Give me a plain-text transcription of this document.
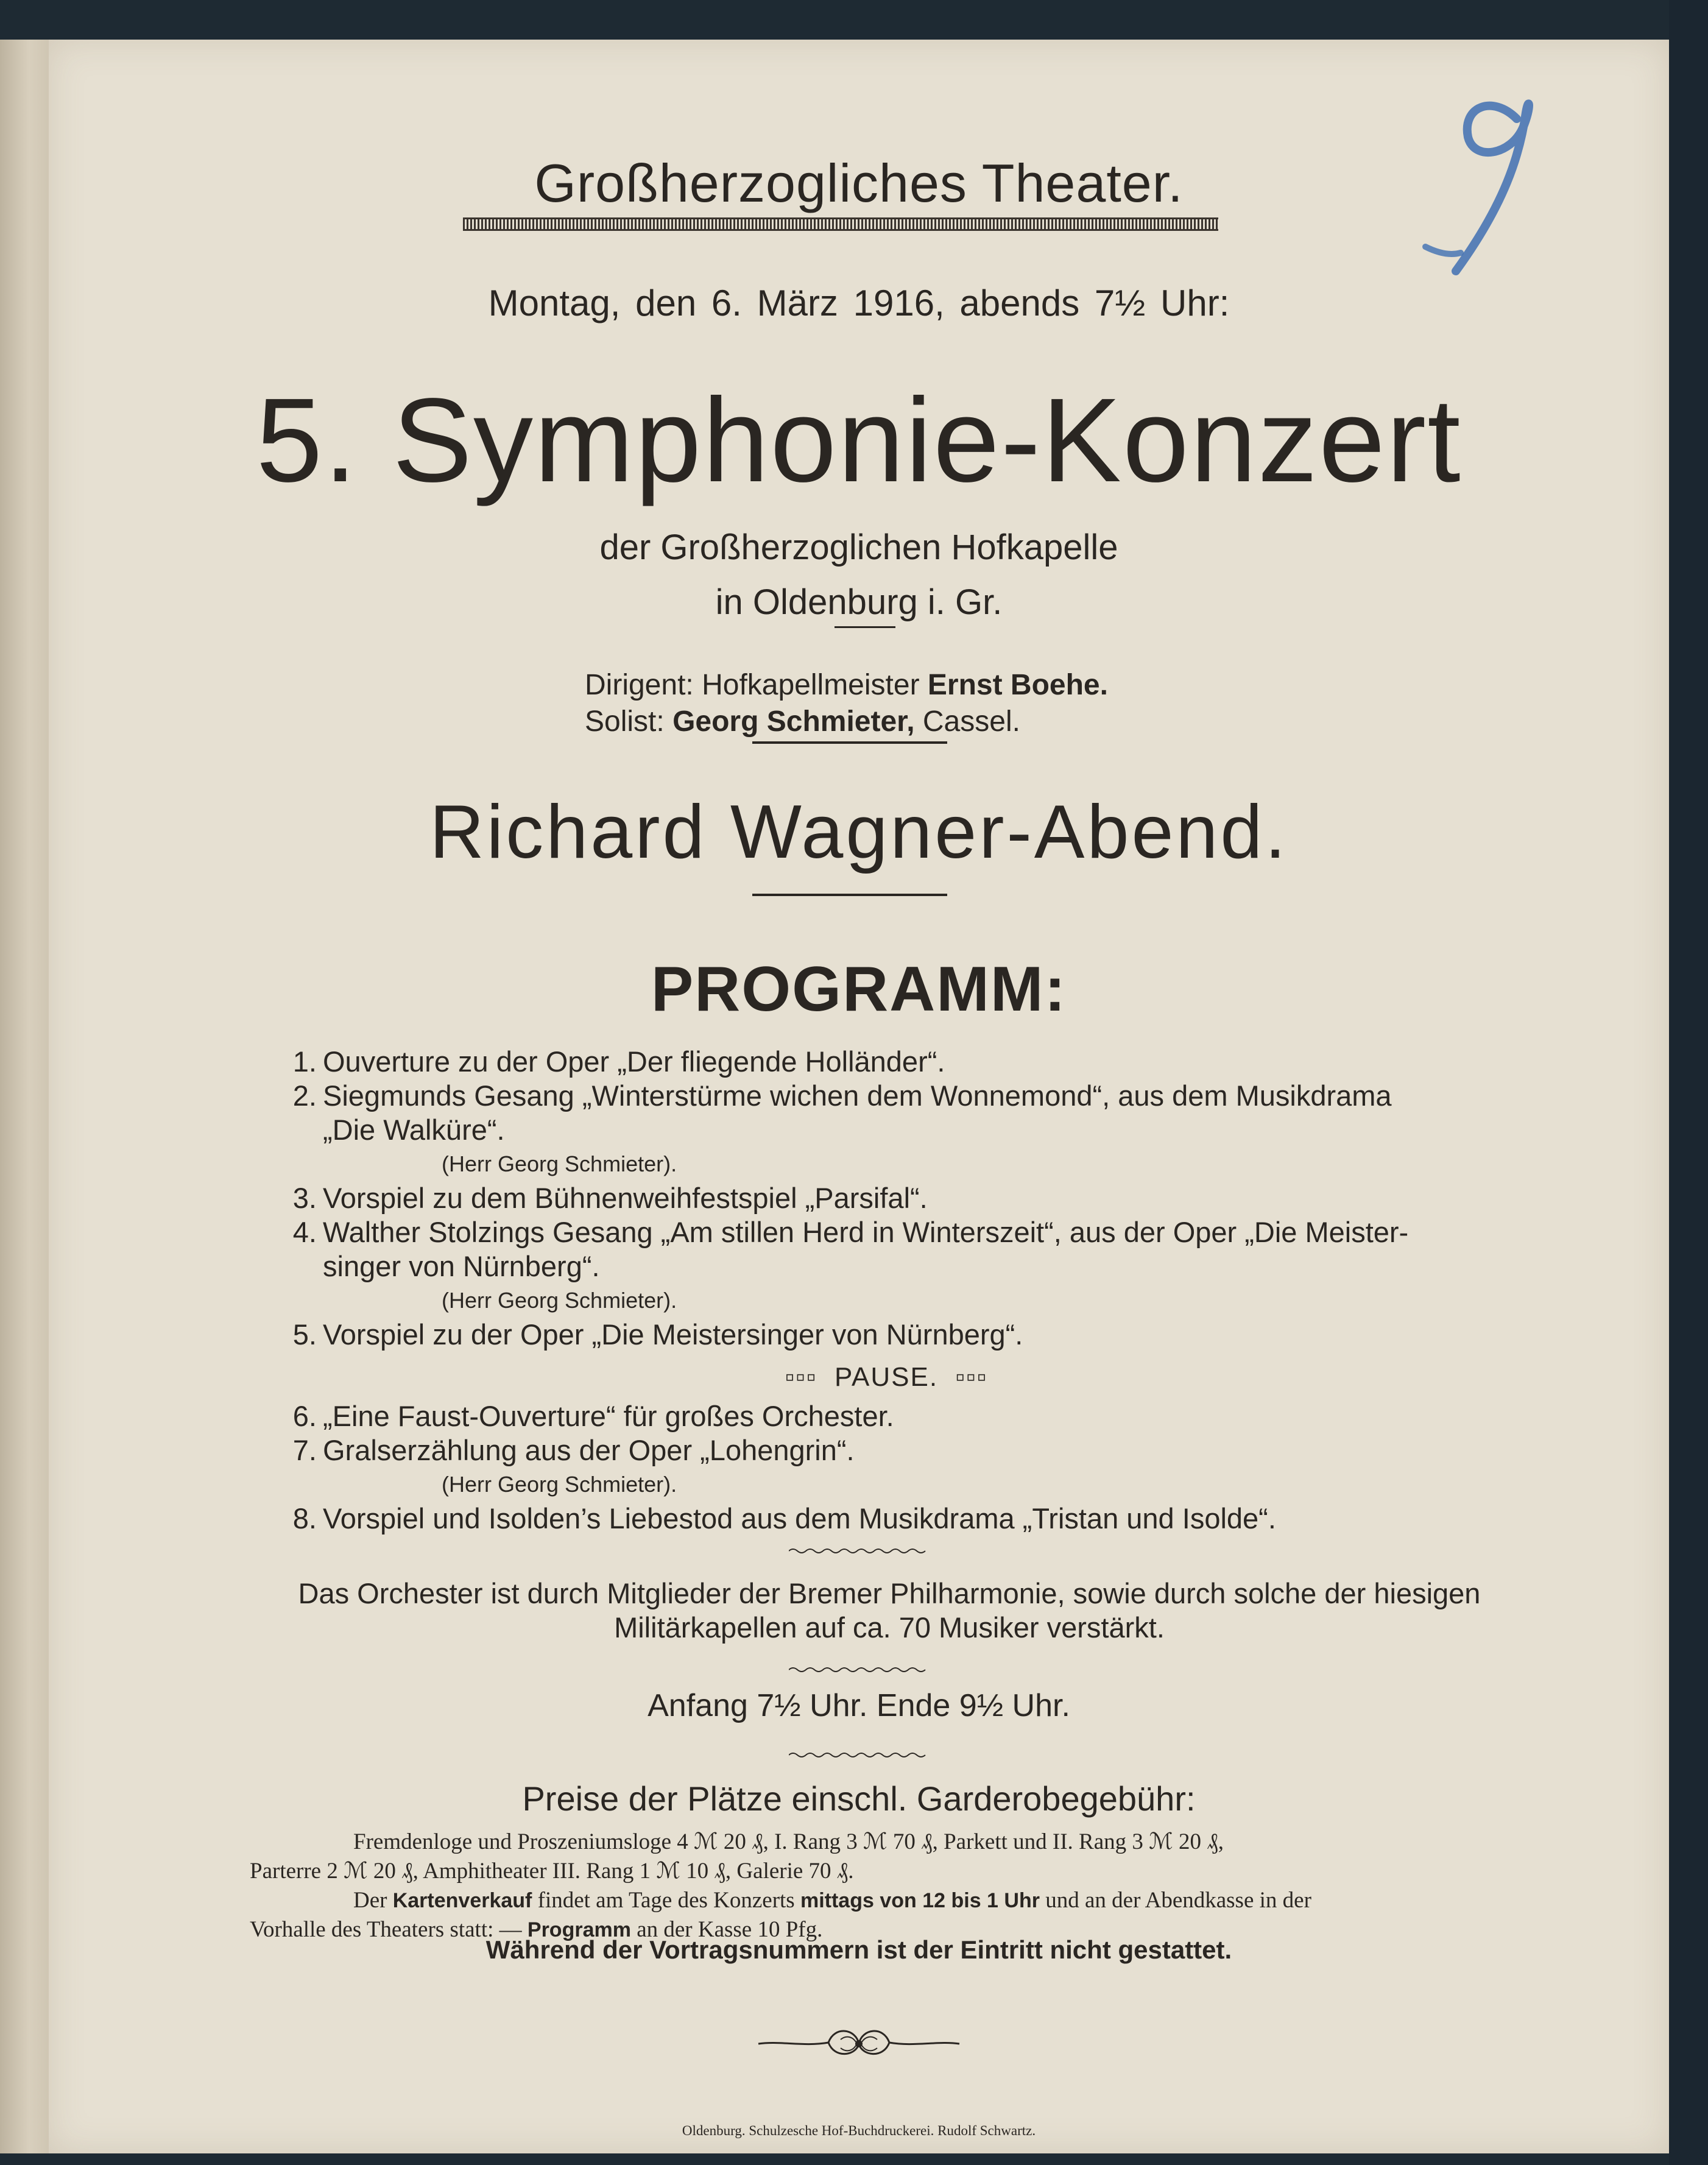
Großherzogliches Theater.
Montag, den 6. März 1916, abends 7½ Uhr:
5. Symphonie-Konzert
der Großherzoglichen Hofkapelle
in Oldenburg i. Gr.
Dirigent: Hofkapellmeister Ernst Boehe.
Solist: Georg Schmieter, Cassel.
Richard Wagner-Abend.
PROGRAMM:
1. Ouverture zu der Oper „Der fliegende Holländer“.
2. Siegmunds Gesang „Winterstürme wichen dem Wonnemond“, aus dem Musikdrama
„Die Walküre“.
(Herr Georg Schmieter).
3. Vorspiel zu dem Bühnenweihfestspiel „Parsifal“.
4. Walther Stolzings Gesang „Am stillen Herd in Winterszeit“, aus der Oper „Die Meister-
singer von Nürnberg“.
(Herr Georg Schmieter).
5. Vorspiel zu der Oper „Die Meistersinger von Nürnberg“.
▫▫▫ PAUSE. ▫▫▫
6. „Eine Faust-Ouverture“ für großes Orchester.
7. Gralserzählung aus der Oper „Lohengrin“.
(Herr Georg Schmieter).
8. Vorspiel und Isolden’s Liebestod aus dem Musikdrama „Tristan und Isolde“.
Das Orchester ist durch Mitglieder der Bremer Philharmonie, sowie durch solche der hiesigen
Militärkapellen auf ca. 70 Musiker verstärkt.
Anfang 7½ Uhr. Ende 9½ Uhr.
Preise der Plätze einschl. Garderobegebühr:
Fremdenloge und Proszeniumsloge 4 ℳ 20 ₰, I. Rang 3 ℳ 70 ₰, Parkett und II. Rang 3 ℳ 20 ₰,
Parterre 2 ℳ 20 ₰, Amphitheater III. Rang 1 ℳ 10 ₰, Galerie 70 ₰.
Der Kartenverkauf findet am Tage des Konzerts mittags von 12 bis 1 Uhr und an der Abendkasse in der
Vorhalle des Theaters statt: — Programm an der Kasse 10 Pfg.
Während der Vortragsnummern ist der Eintritt nicht gestattet.
Oldenburg. Schulzesche Hof-Buchdruckerei. Rudolf Schwartz.
